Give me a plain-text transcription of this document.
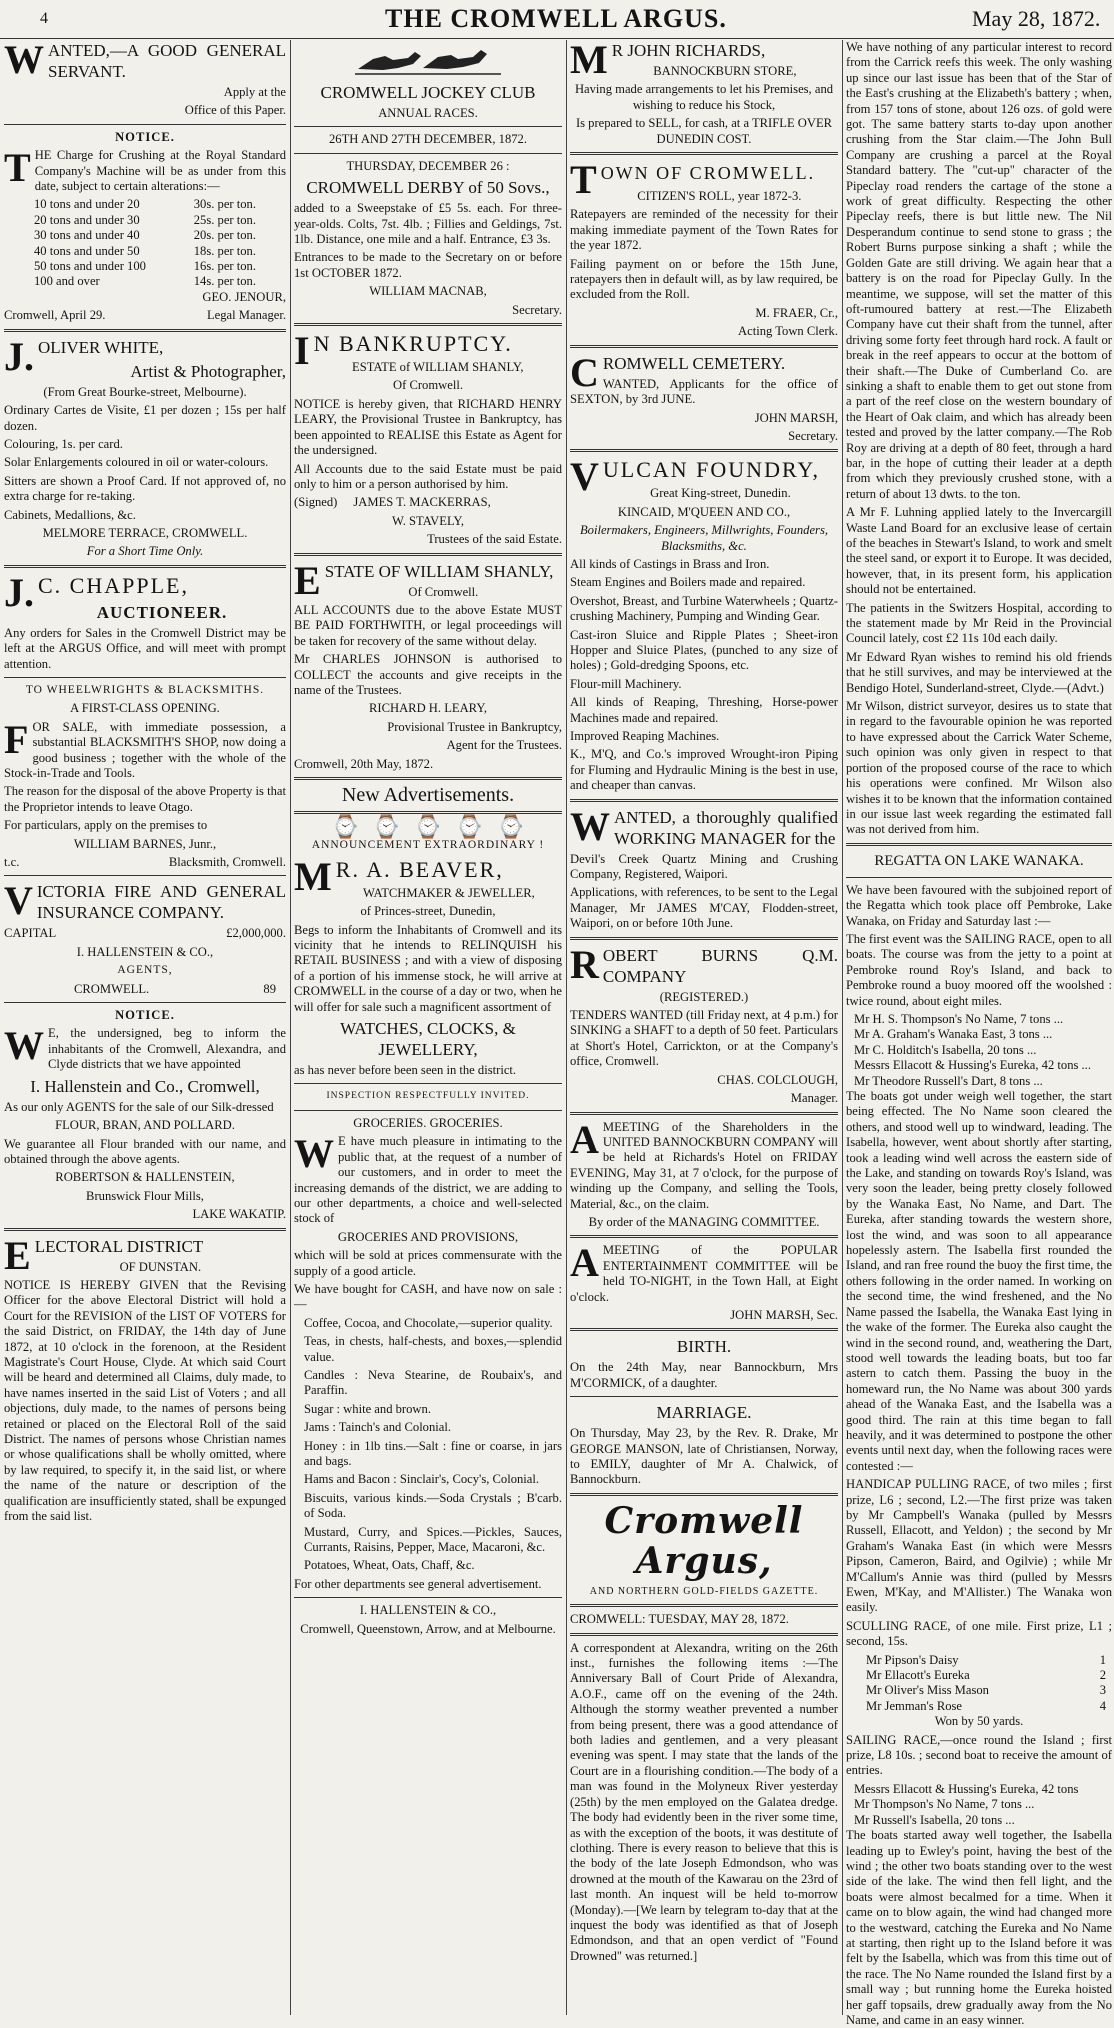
4	THE CROMWELL ARGUS.	May 28, 1872.

WANTED,—A GOOD GENERAL SERVANT.

Apply at the

Office of this Paper.

NOTICE.

THE Charge for Crushing at the Royal Standard Company's Machine will be as under from this date, subject to certain alterations:—

10 tons and under 20	30s. per ton.
20 tons and under 30	25s. per ton.
30 tons and under 40	20s. per ton.
40 tons and under 50	18s. per ton.
50 tons and under 100	16s. per ton.
100 and over	14s. per ton.

GEO. JENOUR,

Cromwell, April 29.	Legal Manager.

J. OLIVER WHITE,

Artist & Photographer,

(From Great Bourke-street, Melbourne).

Ordinary Cartes de Visite, £1 per dozen ; 15s per half dozen.

Colouring, 1s. per card.

Solar Enlargements coloured in oil or water-colours.

Sitters are shown a Proof Card. If not approved of, no extra charge for re-taking.

Cabinets, Medallions, &c.

MELMORE TERRACE, CROMWELL.

For a Short Time Only.

J. C. CHAPPLE,

AUCTIONEER.

Any orders for Sales in the Cromwell District may be left at the ARGUS Office, and will meet with prompt attention.

TO WHEELWRIGHTS & BLACKSMITHS.

A FIRST-CLASS OPENING.

FOR SALE, with immediate possession, a substantial BLACKSMITH'S SHOP, now doing a good business ; together with the whole of the Stock-in-Trade and Tools.

The reason for the disposal of the above Property is that the Proprietor intends to leave Otago.

For particulars, apply on the premises to

WILLIAM BARNES, Junr.,

t.c.	Blacksmith, Cromwell.

VICTORIA FIRE AND GENERAL INSURANCE COMPANY.

CAPITAL	£2,000,000.

I. HALLENSTEIN & CO.,

AGENTS,

CROMWELL.	89

NOTICE.

W E, the undersigned, beg to inform the inhabitants of the Cromwell, Alexandra, and Clyde districts that we have appointed

I. Hallenstein and Co., Cromwell,

As our only AGENTS for the sale of our Silk-dressed

FLOUR, BRAN, AND POLLARD.

We guarantee all Flour branded with our name, and obtained through the above agents.

ROBERTSON & HALLENSTEIN,

Brunswick Flour Mills,

LAKE WAKATIP.

ELECTORAL DISTRICT

OF DUNSTAN.

NOTICE IS HEREBY GIVEN that the Revising Officer for the above Electoral District will hold a Court for the REVISION of the LIST OF VOTERS for the said District, on FRIDAY, the 14th day of June 1872, at 10 o'clock in the forenoon, at the Resident Magistrate's Court House, Clyde. At which said Court will be heard and determined all Claims, duly made, to have names inserted in the said List of Voters ; and all objections, duly made, to the names of persons being retained or placed on the Electoral Roll of the said District. The names of persons whose Christian names or whose qualifications shall be wholly omitted, where by law required, to specify it, in the said list, or where the name of the nature or description of the qualification are insufficiently stated, shall be expunged from the said list.

CROMWELL JOCKEY CLUB

ANNUAL RACES.

26TH AND 27TH DECEMBER, 1872.

THURSDAY, DECEMBER 26 :

CROMWELL DERBY of 50 Sovs.,

added to a Sweepstake of £5 5s. each. For three-year-olds. Colts, 7st. 4lb. ; Fillies and Geldings, 7st. 1lb. Distance, one mile and a half. Entrance, £3 3s.

Entrances to be made to the Secretary on or before 1st OCTOBER 1872.

WILLIAM MACNAB,

Secretary.

I N BANKRUPTCY.

ESTATE of WILLIAM SHANLY,

Of Cromwell.

NOTICE is hereby given, that RICHARD HENRY LEARY, the Provisional Trustee in Bankruptcy, has been appointed to REALISE this Estate as Agent for the undersigned.

All Accounts due to the said Estate must be paid only to him or a person authorised by him.

(Signed) JAMES T. MACKERRAS,

W. STAVELY,

Trustees of the said Estate.

ESTATE OF WILLIAM SHANLY,

Of Cromwell.

ALL ACCOUNTS due to the above Estate MUST BE PAID FORTHWITH, or legal proceedings will be taken for recovery of the same without delay.

Mr CHARLES JOHNSON is authorised to COLLECT the accounts and give receipts in the name of the Trustees.

RICHARD H. LEARY,

Provisional Trustee in Bankruptcy,

Agent for the Trustees.

Cromwell, 20th May, 1872.

New Advertisements.

⌚ ⌚ ⌚ ⌚ ⌚

ANNOUNCEMENT EXTRAORDINARY !

M R. A. BEAVER,

WATCHMAKER & JEWELLER,

of Princes-street, Dunedin,

Begs to inform the Inhabitants of Cromwell and its vicinity that he intends to RELINQUISH his RETAIL BUSINESS ; and with a view of disposing of a portion of his immense stock, he will arrive at CROMWELL in the course of a day or two, when he will offer for sale such a magnificent assortment of

WATCHES, CLOCKS, & JEWELLERY,

as has never before been seen in the district.

INSPECTION RESPECTFULLY INVITED.

GROCERIES. GROCERIES.

W E have much pleasure in intimating to the public that, at the request of a number of our customers, and in order to meet the increasing demands of the district, we are adding to our other departments, a choice and well-selected stock of

GROCERIES AND PROVISIONS,

which will be sold at prices commensurate with the supply of a good article.

We have bought for CASH, and have now on sale :—

Coffee, Cocoa, and Chocolate,—superior quality.

Teas, in chests, half-chests, and boxes,—splendid value.

Candles : Neva Stearine, de Roubaix's, and Paraffin.

Sugar : white and brown.

Jams : Tainch's and Colonial.

Honey : in 1lb tins.—Salt : fine or coarse, in jars and bags.

Hams and Bacon : Sinclair's, Cocy's, Colonial.

Biscuits, various kinds.—Soda Crystals ; B'carb. of Soda.

Mustard, Curry, and Spices.—Pickles, Sauces, Currants, Raisins, Pepper, Mace, Macaroni, &c.

Potatoes, Wheat, Oats, Chaff, &c.

For other departments see general advertisement.

I. HALLENSTEIN & CO.,

Cromwell, Queenstown, Arrow, and at Melbourne.

M R JOHN RICHARDS,

BANNOCKBURN STORE,

Having made arrangements to let his Premises, and wishing to reduce his Stock,

Is prepared to SELL, for cash, at a TRIFLE OVER DUNEDIN COST.

TOWN OF CROMWELL.

CITIZEN'S ROLL, year 1872-3.

Ratepayers are reminded of the necessity for their making immediate payment of the Town Rates for the year 1872.

Failing payment on or before the 15th June, ratepayers then in default will, as by law required, be excluded from the Roll.

M. FRAER, Cr.,

Acting Town Clerk.

CROMWELL CEMETERY.

WANTED, Applicants for the office of SEXTON, by 3rd JUNE.

JOHN MARSH,

Secretary.

VULCAN FOUNDRY,

Great King-street, Dunedin.

KINCAID, M'QUEEN AND CO.,

Boilermakers, Engineers, Millwrights, Founders, Blacksmiths, &c.

All kinds of Castings in Brass and Iron.

Steam Engines and Boilers made and repaired.

Overshot, Breast, and Turbine Waterwheels ; Quartz-crushing Machinery, Pumping and Winding Gear.

Cast-iron Sluice and Ripple Plates ; Sheet-iron Hopper and Sluice Plates, (punched to any size of holes) ; Gold-dredging Spoons, etc.

Flour-mill Machinery.

All kinds of Reaping, Threshing, Horse-power Machines made and repaired.

Improved Reaping Machines.

K., M'Q, and Co.'s improved Wrought-iron Piping for Fluming and Hydraulic Mining is the best in use, and cheaper than canvas.

WANTED, a thoroughly qualified WORKING MANAGER for the

Devil's Creek Quartz Mining and Crushing Company, Registered, Waipori.

Applications, with references, to be sent to the Legal Manager, Mr JAMES M'CAY, Flodden-street, Waipori, on or before 10th June.

ROBERT BURNS Q.M. COMPANY

(REGISTERED.)

TENDERS WANTED (till Friday next, at 4 p.m.) for SINKING a SHAFT to a depth of 50 feet. Particulars at Short's Hotel, Carrickton, or at the Company's office, Cromwell.

CHAS. COLCLOUGH,

Manager.

AMEETING of the Shareholders in the UNITED BANNOCKBURN COMPANY will be held at Richards's Hotel on FRIDAY EVENING, May 31, at 7 o'clock, for the purpose of winding up the Company, and selling the Tools, Material, &c., on the claim.

By order of the MANAGING COMMITTEE.

AMEETING of the POPULAR ENTERTAINMENT COMMITTEE will be held TO-NIGHT, in the Town Hall, at Eight o'clock.

JOHN MARSH, Sec.

BIRTH.

On the 24th May, near Bannockburn, Mrs M'CORMICK, of a daughter.

MARRIAGE.

On Thursday, May 23, by the Rev. R. Drake, Mr GEORGE MANSON, late of Christiansen, Norway, to EMILY, daughter of Mr A. Chalwick, of Bannockburn.

Cromwell Argus,

AND NORTHERN GOLD-FIELDS GAZETTE.

CROMWELL: TUESDAY, MAY 28, 1872.

A correspondent at Alexandra, writing on the 26th inst., furnishes the following items :—The Anniversary Ball of Court Pride of Alexandra, A.O.F., came off on the evening of the 24th. Although the stormy weather prevented a number from being present, there was a good attendance of both ladies and gentlemen, and a very pleasant evening was spent. I may state that the lands of the Court are in a flourishing condition.—The body of a man was found in the Molyneux River yesterday (25th) by the men employed on the Galatea dredge. The body had evidently been in the river some time, as with the exception of the boots, it was destitute of clothing. There is every reason to believe that this is the body of the late Joseph Edmondson, who was drowned at the mouth of the Kawarau on the 23rd of last month. An inquest will be held to-morrow (Monday).—[We learn by telegram to-day that at the inquest the body was identified as that of Joseph Edmondson, and that an open verdict of "Found Drowned" was returned.]

We have nothing of any particular interest to record from the Carrick reefs this week. The only washing up since our last issue has been that of the Star of the East's crushing at the Elizabeth's battery ; when, from 157 tons of stone, about 126 ozs. of gold were got. The same battery starts to-day upon another crushing from the Star claim.—The John Bull Company are crushing a parcel at the Royal Standard battery. The "cut-up" character of the Pipeclay road renders the cartage of the stone a work of great difficulty. Respecting the other Pipeclay reefs, there is but little new. The Nil Desperandum continue to send stone to grass ; the Robert Burns purpose sinking a shaft ; while the Golden Gate are still driving. We again hear that a battery is on the road for Pipeclay Gully. In the meantime, we suppose, will set the matter of this oft-rumoured battery at rest.—The Elizabeth Company have cut their shaft from the tunnel, after driving some forty feet through hard rock. A fault or break in the reef appears to occur at the bottom of their shaft.—The Duke of Cumberland Co. are sinking a shaft to enable them to get out stone from a part of the reef close on the western boundary of the Heart of Oak claim, and which has already been tested and proved by the latter company.—The Rob Roy are driving at a depth of 80 feet, through a hard bar, in the hope of cutting their leader at a depth from which they previously crushed stone, with a return of about 13 dwts. to the ton.

A Mr F. Luhning applied lately to the Invercargill Waste Land Board for an exclusive lease of certain of the beaches in Stewart's Island, to work and smelt the steel sand, or export it to Europe. It was decided, however, that, in its present form, his application should not be entertained.

The patients in the Switzers Hospital, according to the statement made by Mr Reid in the Provincial Council lately, cost £2 11s 10d each daily.

Mr Edward Ryan wishes to remind his old friends that he still survives, and may be interviewed at the Bendigo Hotel, Sunderland-street, Clyde.—(Advt.)

Mr Wilson, district surveyor, desires us to state that in regard to the favourable opinion he was reported to have expressed about the Carrick Water Scheme, such opinion was only given in respect to that portion of the proposed course of the race to which his operations were confined. Mr Wilson also wishes it to be known that the information contained in our issue last week regarding the estimated fall was not derived from him.

REGATTA ON LAKE WANAKA.

We have been favoured with the subjoined report of the Regatta which took place off Pembroke, Lake Wanaka, on Friday and Saturday last :—

The first event was the SAILING RACE, open to all boats. The course was from the jetty to a point at Pembroke round Roy's Island, and back to Pembroke round a buoy moored off the woolshed : twice round, about eight miles.

Mr H. S. Thompson's No Name, 7 tons ...

Mr A. Graham's Wanaka East, 3 tons ...

Mr C. Holditch's Isabella, 20 tons ...

Messrs Ellacott & Hussing's Eureka, 42 tons ...

Mr Theodore Russell's Dart, 8 tons ...

The boats got under weigh well together, the start being effected. The No Name soon cleared the others, and stood well up to windward, leading. The Isabella, however, went about shortly after starting, took a leading wind well across the eastern side of the Lake, and standing on towards Roy's Island, was very soon the leader, being pretty closely followed by the Wanaka East, No Name, and Dart. The Eureka, after standing towards the western shore, lost the wind, and was soon to all appearance hopelessly astern. The Isabella first rounded the Island, and ran free round the buoy the first time, the others following in the order named. In working on the second time, the wind freshened, and the No Name passed the Isabella, the Wanaka East lying in the wake of the former. The Eureka also caught the wind in the second round, and, weathering the Dart, stood well towards the leading boats, but too far astern to catch them. Passing the buoy in the homeward run, the No Name was about 300 yards ahead of the Wanaka East, and the Isabella was a good third. The rain at this time began to fall heavily, and it was determined to postpone the other events until next day, when the following races were contested :—

HANDICAP PULLING RACE, of two miles ; first prize, L6 ; second, L2.—The first prize was taken by Mr Campbell's Wanaka (pulled by Messrs Russell, Ellacott, and Yeldon) ; the second by Mr Graham's Wanaka East (in which were Messrs Pipson, Cameron, Baird, and Ogilvie) ; while Mr M'Callum's Annie was third (pulled by Messrs Ewen, M'Kay, and M'Allister.) The Wanaka won easily.

SCULLING RACE, of one mile. First prize, L1 ; second, 15s.

Mr Pipson's Daisy	1
Mr Ellacott's Eureka	2
Mr Oliver's Miss Mason	3
Mr Jemman's Rose	4

Won by 50 yards.

SAILING RACE,—once round the Island ; first prize, L8 10s. ; second boat to receive the amount of entries.

Messrs Ellacott & Hussing's Eureka, 42 tons

Mr Thompson's No Name, 7 tons ...

Mr Russell's Isabella, 20 tons ...

The boats started away well together, the Isabella leading up to Ewley's point, having the best of the wind ; the other two boats standing over to the west side of the lake. The wind then fell light, and the boats were almost becalmed for a time. When it came on to blow again, the wind had changed more to the westward, catching the Eureka and No Name at starting, then right up to the Island before it was felt by the Isabella, which was from this time out of the race. The No Name rounded the Island first by a small way ; but running home the Eureka hoisted her gaff topsails, drew gradually away from the No Name, and came in an easy winner.
